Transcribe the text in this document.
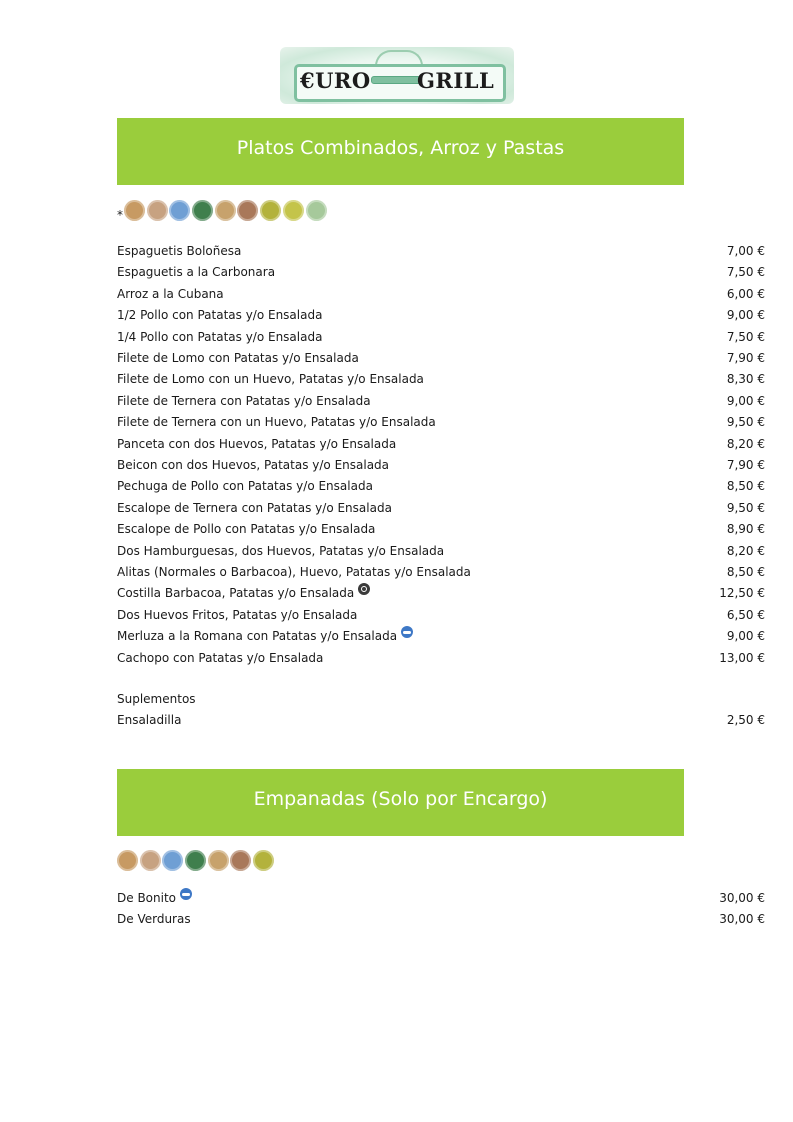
€URO GRILL
Platos Combinados, Arroz y Pastas
*
Suplementos
Ensaladilla	2,50 €
Empanadas (Solo por Encargo)
Espaguetis Boloñesa	7,00 €
Espaguetis a la Carbonara	7,50 €
Arroz a la Cubana	6,00 €
1/2 Pollo con Patatas y/o Ensalada	9,00 €
1/4 Pollo con Patatas y/o Ensalada	7,50 €
Filete de Lomo con Patatas y/o Ensalada	7,90 €
Filete de Lomo con un Huevo, Patatas y/o Ensalada	8,30 €
Filete de Ternera con Patatas y/o Ensalada	9,00 €
Filete de Ternera con un Huevo, Patatas y/o Ensalada	9,50 €
Panceta con dos Huevos, Patatas y/o Ensalada	8,20 €
Beicon con dos Huevos, Patatas y/o Ensalada	7,90 €
Pechuga de Pollo con Patatas y/o Ensalada	8,50 €
Escalope de Ternera con Patatas y/o Ensalada	9,50 €
Escalope de Pollo con Patatas y/o Ensalada	8,90 €
Dos Hamburguesas, dos Huevos, Patatas y/o Ensalada	8,20 €
Alitas (Normales o Barbacoa), Huevo, Patatas y/o Ensalada	8,50 €
Costilla Barbacoa, Patatas y/o Ensalada	12,50 €
Dos Huevos Fritos, Patatas y/o Ensalada	6,50 €
Merluza a la Romana con Patatas y/o Ensalada	9,00 €
Cachopo con Patatas y/o Ensalada	13,00 €
De Bonito	30,00 €
De Verduras	30,00 €
